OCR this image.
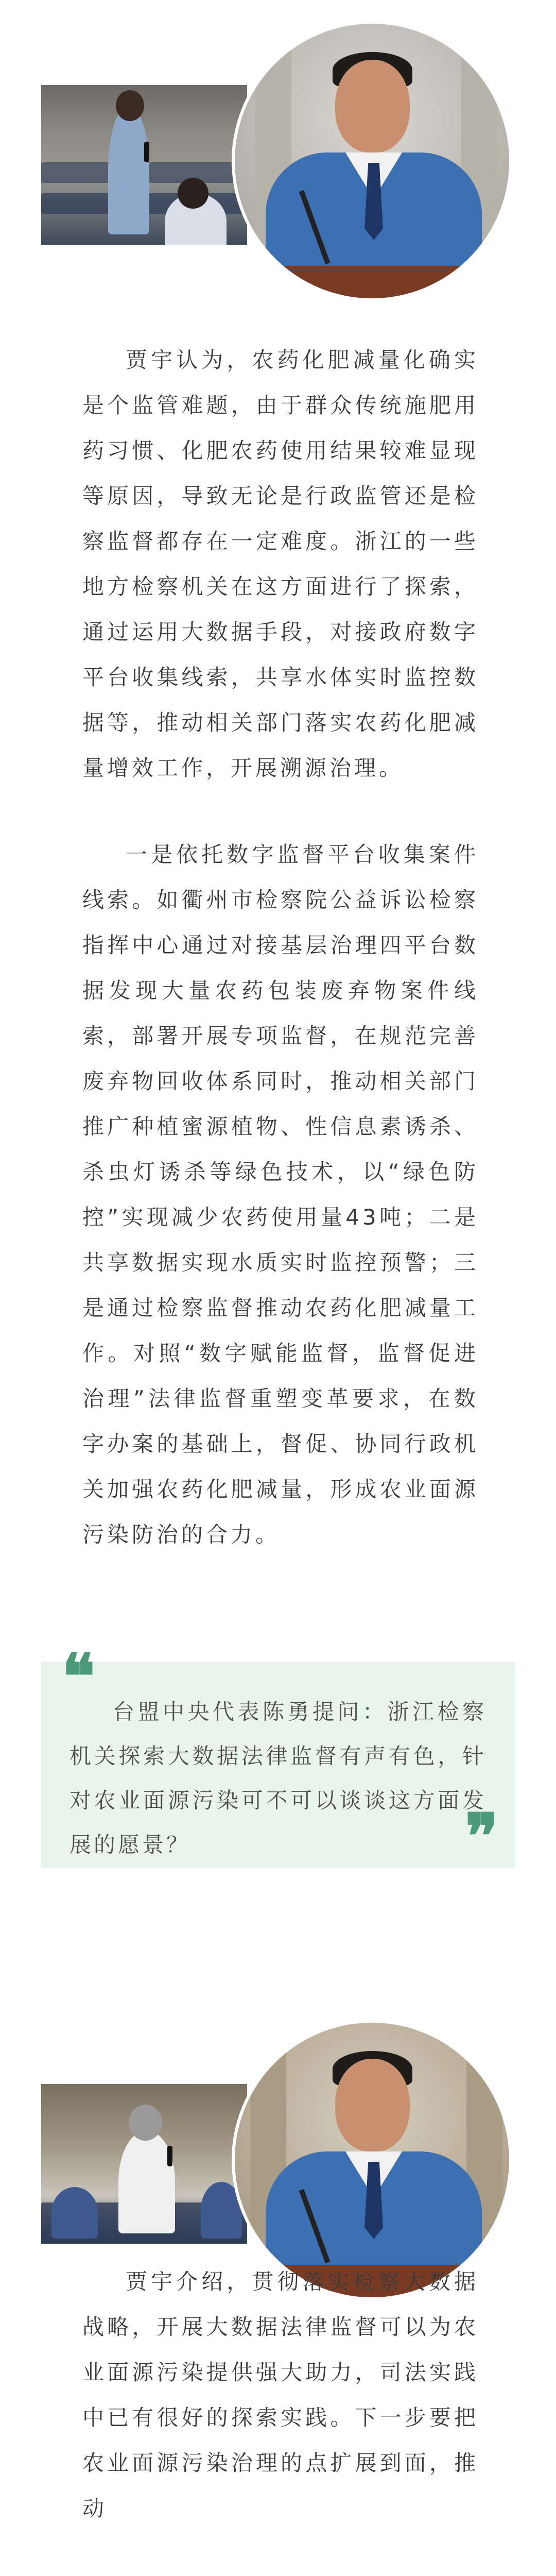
贾宇认为，农药化肥减量化确实是个监管难题，由于群众传统施肥用药习惯、化肥农药使用结果较难显现等原因，导致无论是行政监管还是检察监督都存在一定难度。浙江的一些地方检察机关在这方面进行了探索，通过运用大数据手段，对接政府数字平台收集线索，共享水体实时监控数据等，推动相关部门落实农药化肥减量增效工作，开展溯源治理。

一是依托数字监督平台收集案件线索。如衢州市检察院公益诉讼检察指挥中心通过对接基层治理四平台数据发现大量农药包装废弃物案件线索，部署开展专项监督，在规范完善废弃物回收体系同时，推动相关部门推广种植蜜源植物、性信息素诱杀、杀虫灯诱杀等绿色技术，以“绿色防控”实现减少农药使用量43吨；二是共享数据实现水质实时监控预警；三是通过检察监督推动农药化肥减量工作。对照“数字赋能监督，监督促进治理”法律监督重塑变革要求，在数字办案的基础上，督促、协同行政机关加强农药化肥减量，形成农业面源污染防治的合力。

❝	台盟中央代表陈勇提问：浙江检察机关探索大数据法律监督有声有色，针对农业面源污染可不可以谈谈这方面发展的愿景？	❞

贾宇介绍，贯彻落实检察大数据战略，开展大数据法律监督可以为农业面源污染提供强大助力，司法实践中已有很好的探索实践。下一步要把农业面源污染治理的点扩展到面，推动
